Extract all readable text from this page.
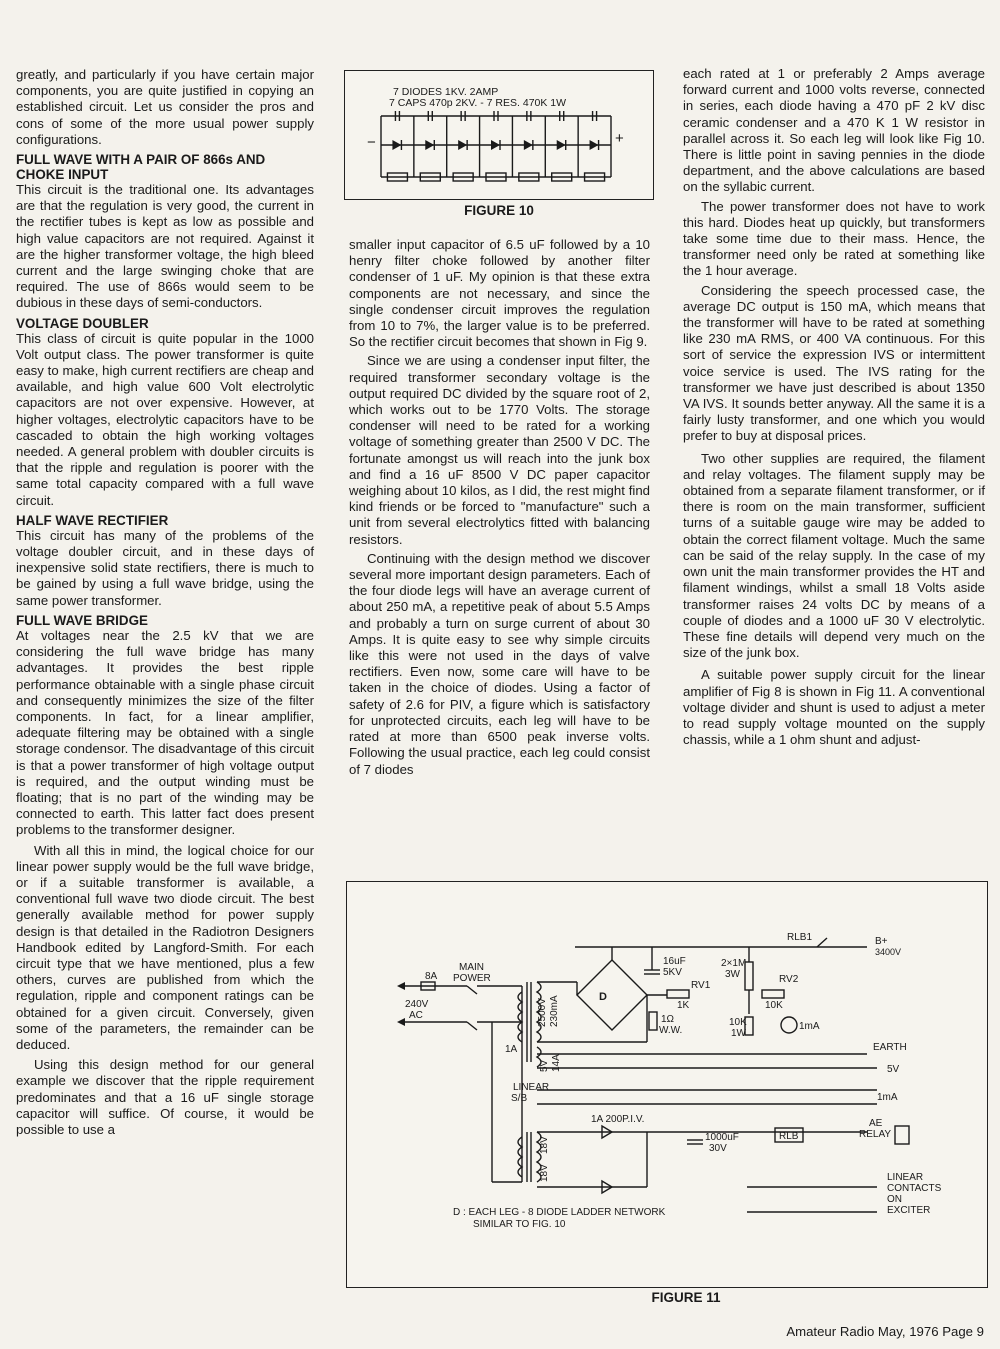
greatly, and particularly if you have certain major components, you are quite justified in copying an established circuit. Let us consider the pros and cons of some of the more usual power supply configurations.

FULL WAVE WITH A PAIR OF 866s AND CHOKE INPUT

This circuit is the traditional one. Its advantages are that the regulation is very good, the current in the rectifier tubes is kept as low as possible and high value capacitors are not required. Against it are the higher transformer voltage, the high bleed current and the large swinging choke that are required. The use of 866s would seem to be dubious in these days of semi-conductors.

VOLTAGE DOUBLER

This class of circuit is quite popular in the 1000 Volt output class. The power transformer is quite easy to make, high current rectifiers are cheap and available, and high value 600 Volt electrolytic capacitors are not over expensive. However, at higher voltages, electrolytic capacitors have to be cascaded to obtain the high working voltages needed. A general problem with doubler circuits is that the ripple and regulation is poorer with the same total capacity compared with a full wave circuit.

HALF WAVE RECTIFIER

This circuit has many of the problems of the voltage doubler circuit, and in these days of inexpensive solid state rectifiers, there is much to be gained by using a full wave bridge, using the same power transformer.

FULL WAVE BRIDGE

At voltages near the 2.5 kV that we are considering the full wave bridge has many advantages. It provides the best ripple performance obtainable with a single phase circuit and consequently minimizes the size of the filter components. In fact, for a linear amplifier, adequate filtering may be obtained with a single storage condensor. The disadvantage of this circuit is that a power transformer of high voltage output is required, and the output winding must be floating; that is no part of the winding may be connected to earth. This latter fact does present problems to the transformer designer.

With all this in mind, the logical choice for our linear power supply would be the full wave bridge, or if a suitable transformer is available, a conventional full wave two diode circuit. The best generally available method for power supply design is that detailed in the Radiotron Designers Handbook edited by Langford-Smith. For each circuit type that we have mentioned, plus a few others, curves are published from which the regulation, ripple and component ratings can be obtained for a given circuit. Conversely, given some of the parameters, the remainder can be deduced.

Using this design method for our general example we discover that the ripple requirement predominates and that a 16 uF single storage capacitor will suffice. Of course, it would be possible to use a

7 DIODES 1KV. 2AMP
7 CAPS 470p 2KV. - 7 RES. 470K 1W
−	+
FIGURE 10

smaller input capacitor of 6.5 uF followed by a 10 henry filter choke followed by another filter condenser of 1 uF. My opinion is that these extra components are not necessary, and since the single condenser circuit improves the regulation from 10 to 7%, the larger value is to be preferred. So the rectifier circuit becomes that shown in Fig 9.

Since we are using a condenser input filter, the required transformer secondary voltage is the output required DC divided by the square root of 2, which works out to be 1770 Volts. The storage condenser will need to be rated for a working voltage of something greater than 2500 V DC. The fortunate amongst us will reach into the junk box and find a 16 uF 8500 V DC paper capacitor weighing about 10 kilos, as I did, the rest might find kind friends or be forced to "manufacture" such a unit from several electrolytics fitted with balancing resistors.

Continuing with the design method we discover several more important design parameters. Each of the four diode legs will have an average current of about 250 mA, a repetitive peak of about 5.5 Amps and probably a turn on surge current of about 30 Amps. It is quite easy to see why simple circuits like this were not used in the days of valve rectifiers. Even now, some care will have to be taken in the choice of diodes. Using a factor of safety of 2.6 for PIV, a figure which is satisfactory for unprotected circuits, each leg will have to be rated at more than 6500 peak inverse volts. Following the usual practice, each leg could consist of 7 diodes

each rated at 1 or preferably 2 Amps average forward current and 1000 volts reverse, connected in series, each diode having a 470 pF 2 kV disc ceramic condenser and a 470 K 1 W resistor in parallel across it. So each leg will look like Fig 10. There is little point in saving pennies in the diode department, and the above calculations are based on the syllabic current.

The power transformer does not have to work this hard. Diodes heat up quickly, but transformers take some time due to their mass. Hence, the transformer need only be rated at something like the 1 hour average.

Considering the speech processed case, the average DC output is 150 mA, which means that the transformer will have to be rated at something like 230 mA RMS, or 400 VA continuous. For this sort of service the expression IVS or intermittent voice service is used. The IVS rating for the transformer we have just described is about 1350 VA IVS. It sounds better anyway. All the same it is a fairly lusty transformer, and one which you would prefer to buy at disposal prices.

Two other supplies are required, the filament and relay voltages. The filament supply may be obtained from a separate filament transformer, or if there is room on the main transformer, sufficient turns of a suitable gauge wire may be added to obtain the correct filament voltage. Much the same can be said of the relay supply. In the case of my own unit the main transformer provides the HT and filament windings, whilst a small 18 Volts aside transformer raises 24 volts DC by means of a couple of diodes and a 1000 uF 30 V electrolytic. These fine details will depend very much on the size of the junk box.

A suitable power supply circuit for the linear amplifier of Fig 8 is shown in Fig 11. A conventional voltage divider and shunt is used to adjust a meter to read supply voltage mounted on the supply chassis, while a 1 ohm shunt and adjust-

240V
AC
8A
MAIN
POWER
2500V 230mA
5V 14A
D
RLB1	B+
3400V
16uF
5KV
RV1
1K
1Ω
W.W.
2×1M
3W	RV2
10K
10K
1W
1mA
EARTH
5V
1mA
1A
LINEAR
S/B
18V
18V
1A 200P.I.V.
1000uF
30V
RLB
AE
RELAY
LINEAR
CONTACTS
ON
EXCITER
D : EACH LEG - 8 DIODE LADDER NETWORK
SIMILAR TO FIG. 10
FIGURE 11
Amateur Radio May, 1976 Page 9
